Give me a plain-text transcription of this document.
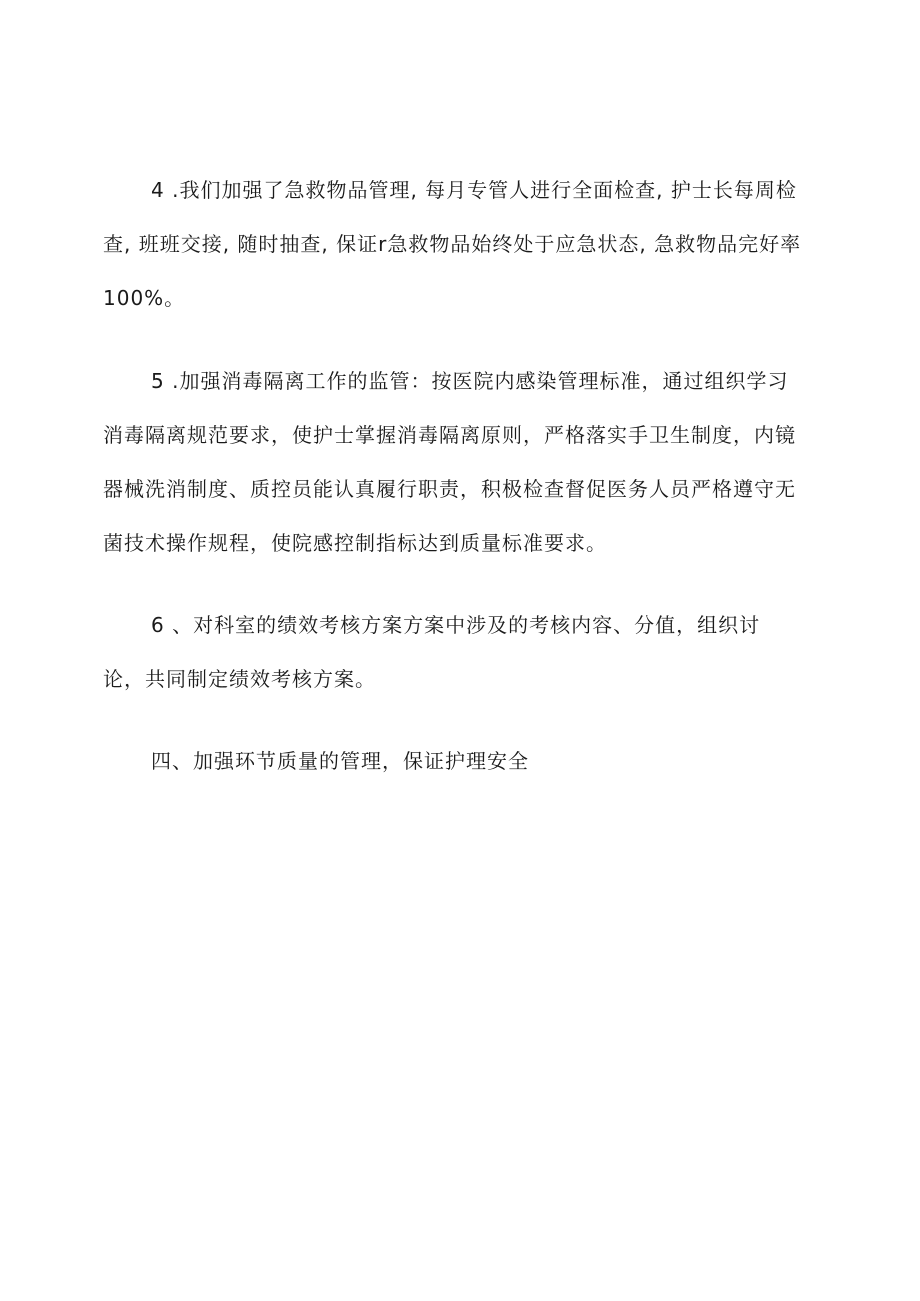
4 .我们加强了急救物品管理, 每月专管人进行全面检查, 护士长每周检
查, 班班交接, 随时抽查, 保证r急救物品始终处于应急状态, 急救物品完好率
100%。
5 .加强消毒隔离工作的监管：按医院内感染管理标准，通过组织学习
消毒隔离规范要求，使护士掌握消毒隔离原则，严格落实手卫生制度，内镜
器械洗消制度、质控员能认真履行职责，积极检查督促医务人员严格遵守无
菌技术操作规程，使院感控制指标达到质量标准要求。
6 、对科室的绩效考核方案方案中涉及的考核内容、分值，组织讨
论，共同制定绩效考核方案。
四、加强环节质量的管理，保证护理安全
